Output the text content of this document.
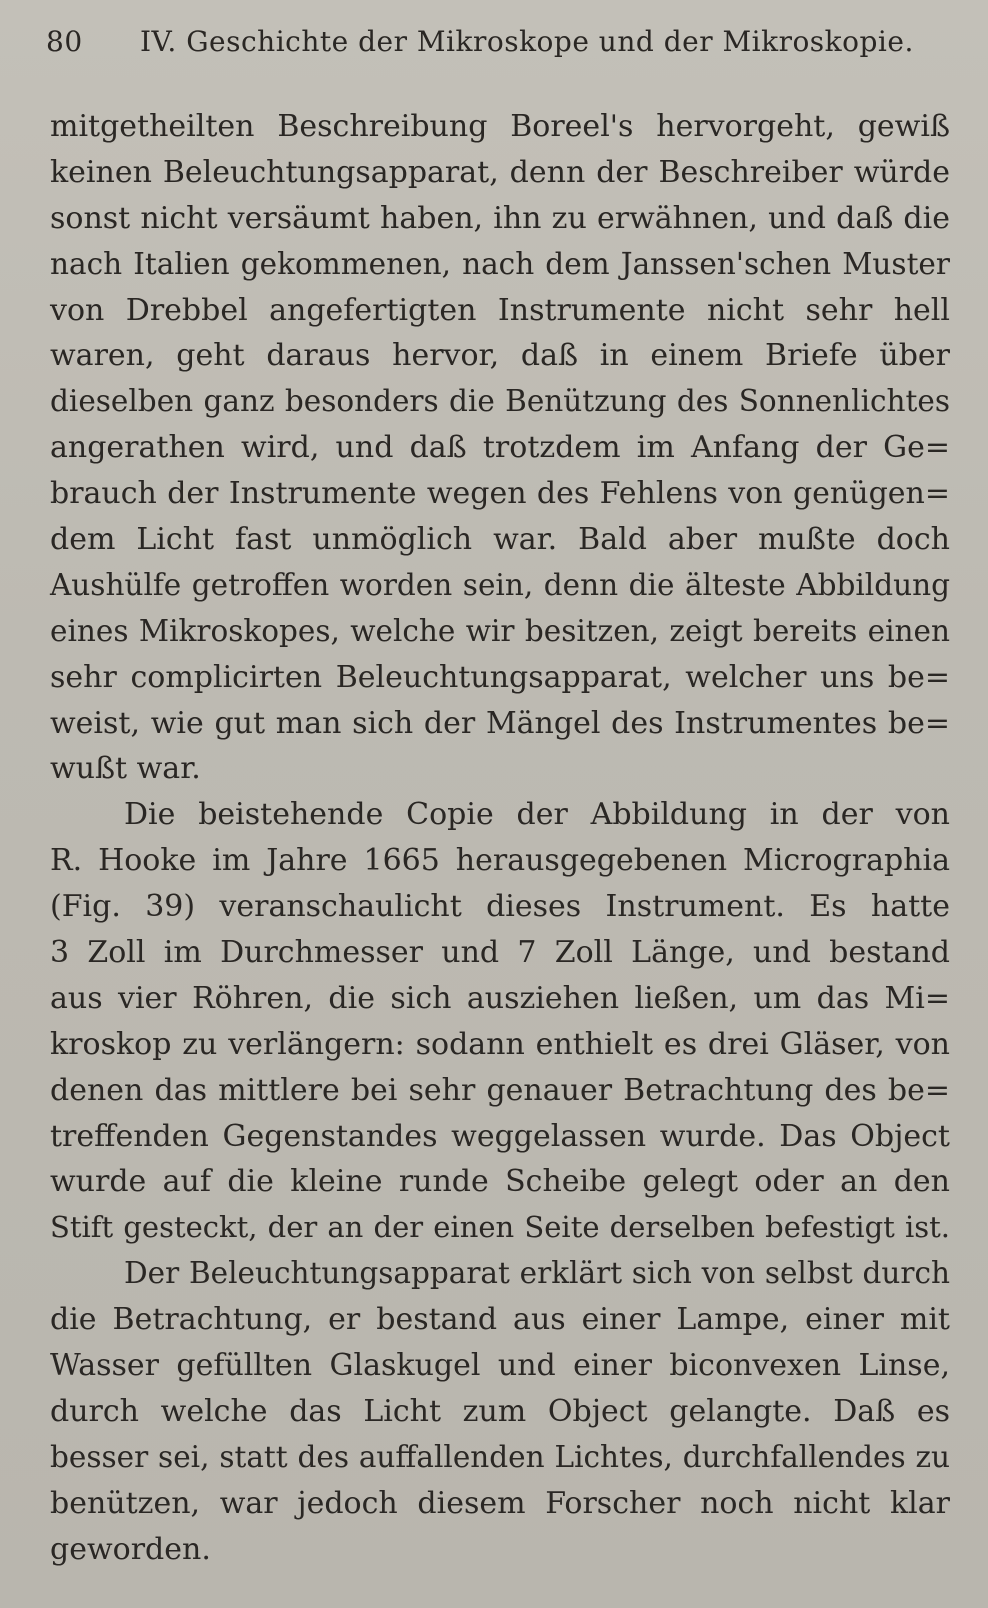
80 IV. Geschichte der Mikroskope und der Mikroskopie.
mitgetheilten Beschreibung Boreel's hervorgeht, gewiß
keinen Beleuchtungsapparat, denn der Beschreiber würde
sonst nicht versäumt haben, ihn zu erwähnen, und daß die
nach Italien gekommenen, nach dem Janssen'schen Muster
von Drebbel angefertigten Instrumente nicht sehr hell
waren, geht daraus hervor, daß in einem Briefe über
dieselben ganz besonders die Benützung des Sonnenlichtes
angerathen wird, und daß trotzdem im Anfang der Ge=
brauch der Instrumente wegen des Fehlens von genügen=
dem Licht fast unmöglich war. Bald aber mußte doch
Aushülfe getroffen worden sein, denn die älteste Abbildung
eines Mikroskopes, welche wir besitzen, zeigt bereits einen
sehr complicirten Beleuchtungsapparat, welcher uns be=
weist, wie gut man sich der Mängel des Instrumentes be=
wußt war.
Die beistehende Copie der Abbildung in der von
R. Hooke im Jahre 1665 herausgegebenen Micrographia
(Fig. 39) veranschaulicht dieses Instrument. Es hatte
3 Zoll im Durchmesser und 7 Zoll Länge, und bestand
aus vier Röhren, die sich ausziehen ließen, um das Mi=
kroskop zu verlängern: sodann enthielt es drei Gläser, von
denen das mittlere bei sehr genauer Betrachtung des be=
treffenden Gegenstandes weggelassen wurde. Das Object
wurde auf die kleine runde Scheibe gelegt oder an den
Stift gesteckt, der an der einen Seite derselben befestigt ist.
Der Beleuchtungsapparat erklärt sich von selbst durch
die Betrachtung, er bestand aus einer Lampe, einer mit
Wasser gefüllten Glaskugel und einer biconvexen Linse,
durch welche das Licht zum Object gelangte. Daß es
besser sei, statt des auffallenden Lichtes, durchfallendes zu
benützen, war jedoch diesem Forscher noch nicht klar
geworden.
